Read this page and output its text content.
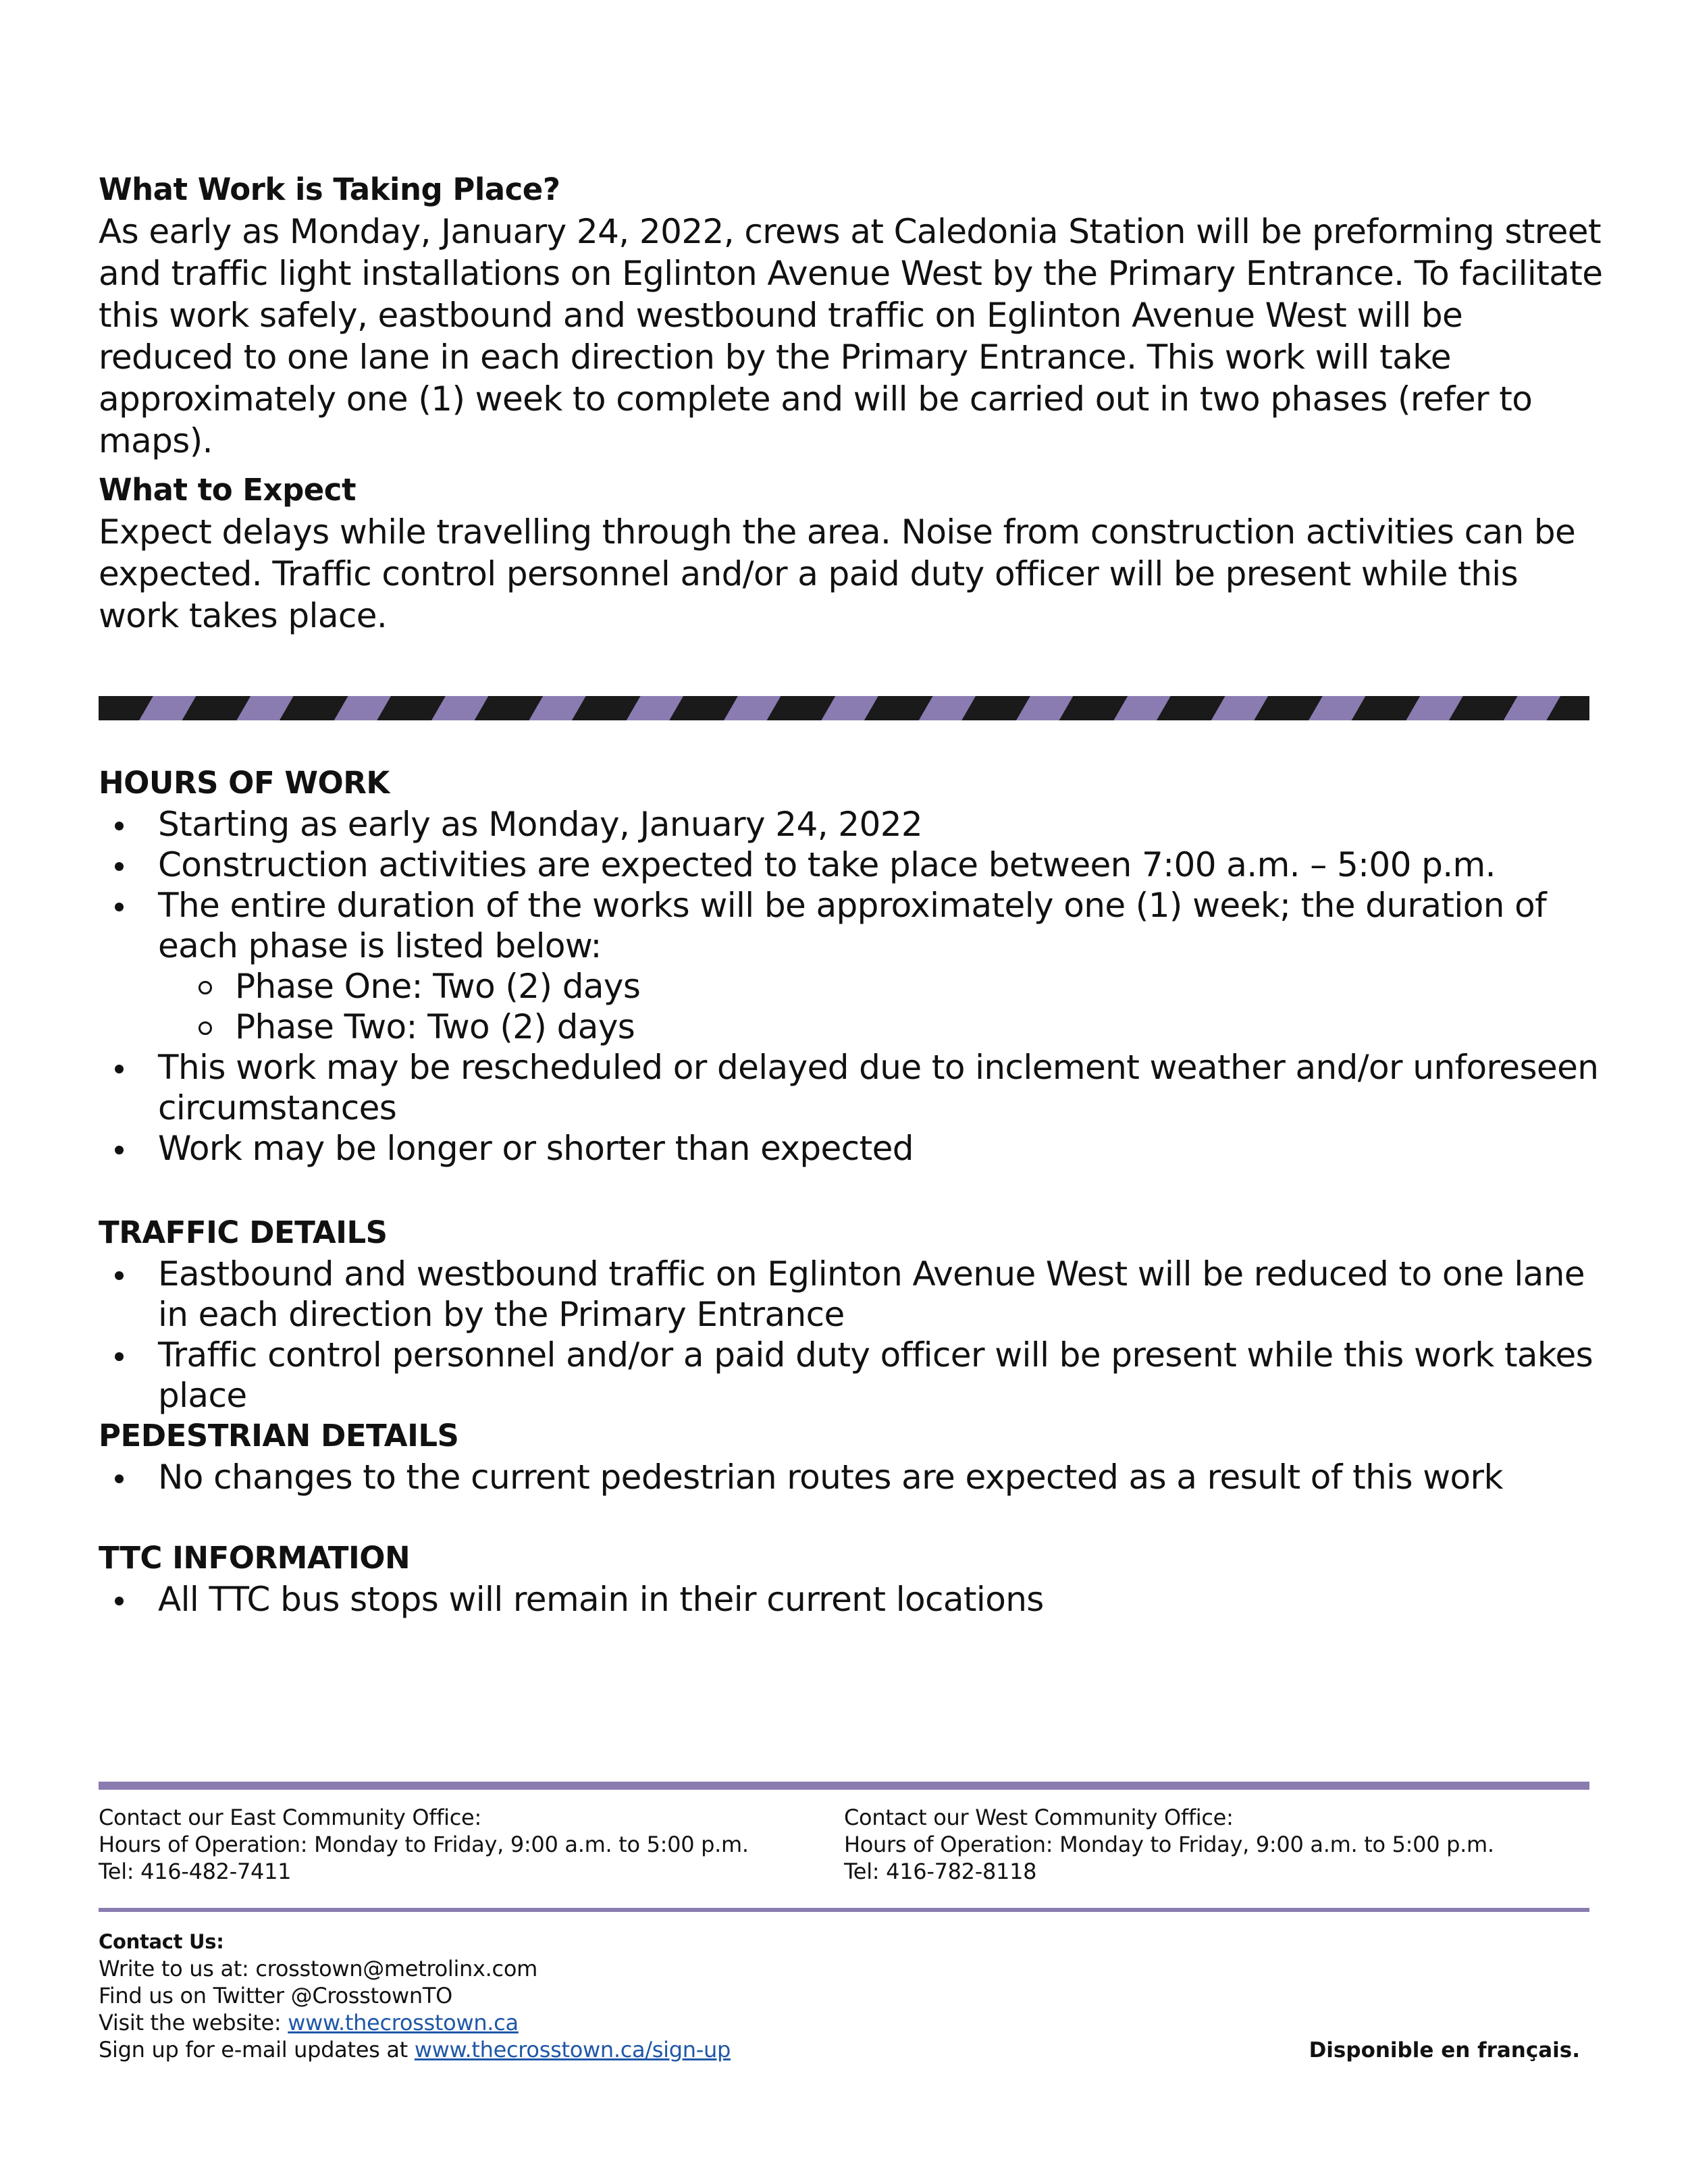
What Work is Taking Place?

As early as Monday, January 24, 2022, crews at Caledonia Station will be preforming street and traffic light installations on Eglinton Avenue West by the Primary Entrance. To facilitate this work safely, eastbound and westbound traffic on Eglinton Avenue West will be reduced to one lane in each direction by the Primary Entrance. This work will take approximately one (1) week to complete and will be carried out in two phases (refer to maps).

What to Expect

Expect delays while travelling through the area. Noise from construction activities can be expected. Traffic control personnel and/or a paid duty officer will be present while this work takes place.

HOURS OF WORK

Starting as early as Monday, January 24, 2022
Construction activities are expected to take place between 7:00 a.m. – 5:00 p.m.
The entire duration of the works will be approximately one (1) week; the duration of each phase is listed below:
Phase One: Two (2) days
Phase Two: Two (2) days
This work may be rescheduled or delayed due to inclement weather and/or unforeseen circumstances
Work may be longer or shorter than expected

TRAFFIC DETAILS

Eastbound and westbound traffic on Eglinton Avenue West will be reduced to one lane in each direction by the Primary Entrance
Traffic control personnel and/or a paid duty officer will be present while this work takes place

PEDESTRIAN DETAILS

No changes to the current pedestrian routes are expected as a result of this work

TTC INFORMATION

All TTC bus stops will remain in their current locations
Contact our East Community Office:
Hours of Operation: Monday to Friday, 9:00 a.m. to 5:00 p.m.
Tel: 416-482-7411
Contact our West Community Office:
Hours of Operation: Monday to Friday, 9:00 a.m. to 5:00 p.m.
Tel: 416-782-8118
Contact Us:
Write to us at: crosstown@metrolinx.com
Find us on Twitter @CrosstownTO
Visit the website: www.thecrosstown.ca
Sign up for e-mail updates at www.thecrosstown.ca/sign-up	Disponible en français.
